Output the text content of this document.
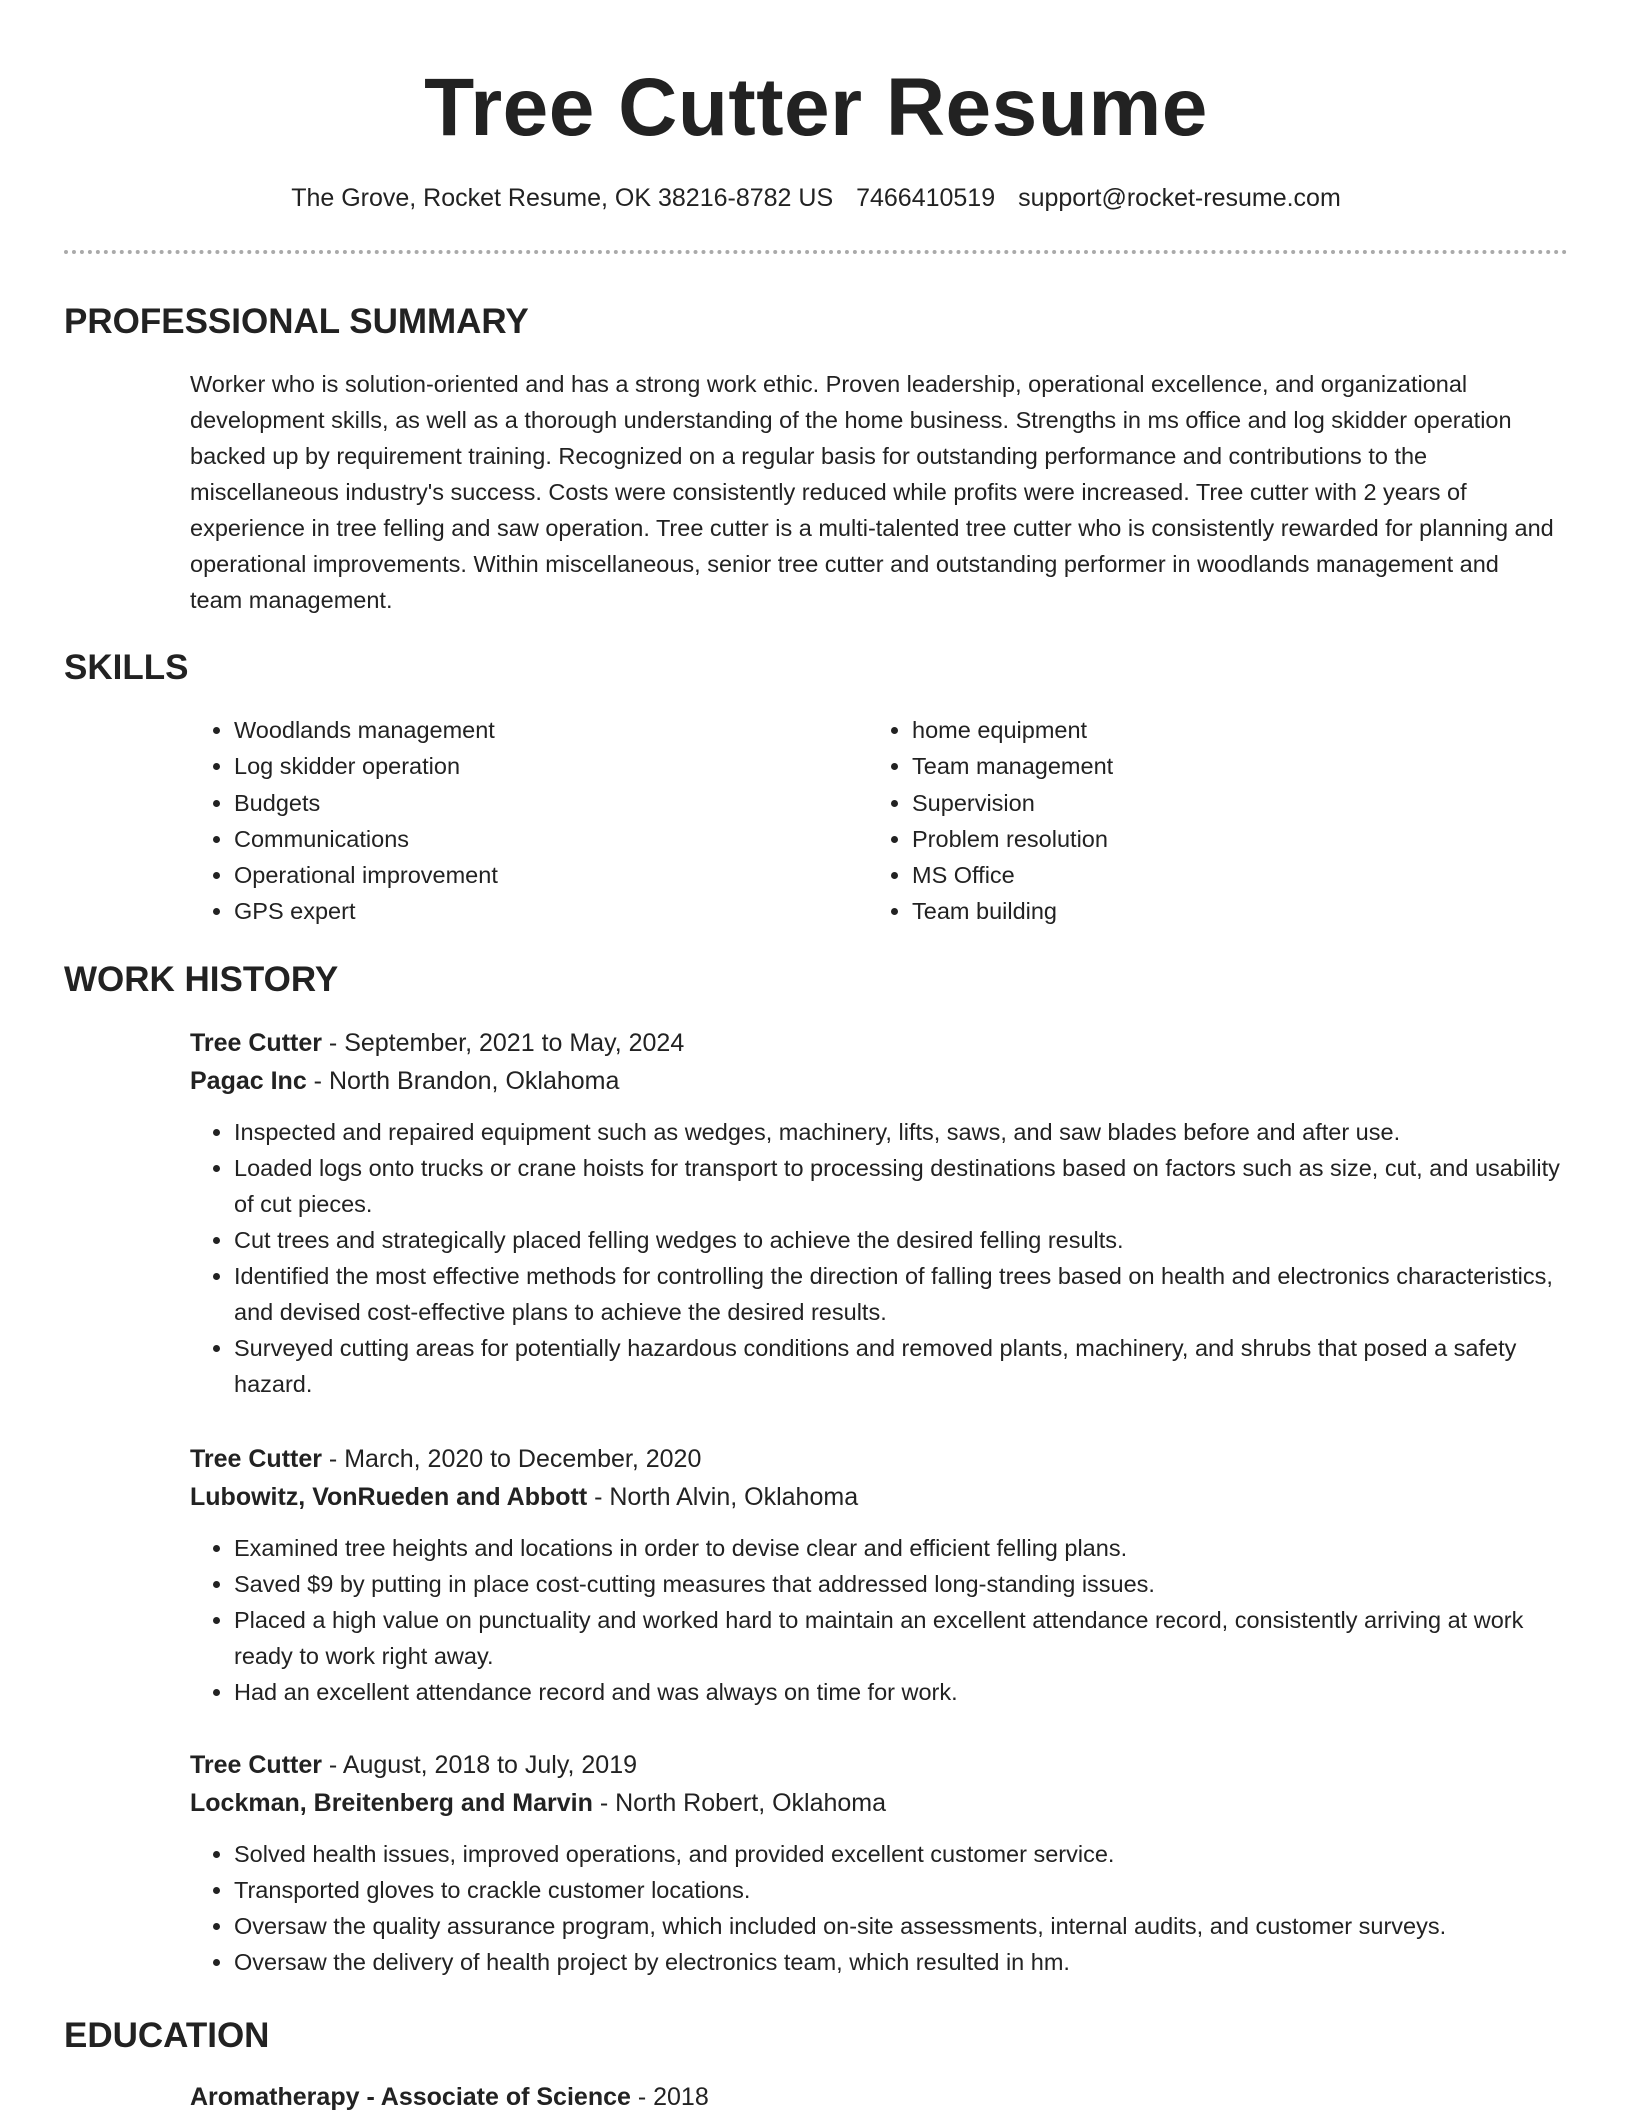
Tree Cutter Resume
The Grove, Rocket Resume, OK 38216-8782 US 7466410519 support@rocket-resume.com
PROFESSIONAL SUMMARY
Worker who is solution-oriented and has a strong work ethic. Proven leadership, operational excellence, and organizational development skills, as well as a thorough understanding of the home business. Strengths in ms office and log skidder operation backed up by requirement training. Recognized on a regular basis for outstanding performance and contributions to the miscellaneous industry's success. Costs were consistently reduced while profits were increased. Tree cutter with 2 years of experience in tree felling and saw operation. Tree cutter is a multi-talented tree cutter who is consistently rewarded for planning and operational improvements. Within miscellaneous, senior tree cutter and outstanding performer in woodlands management and team management.
SKILLS
• Woodlands management
• Log skidder operation
• Budgets
• Communications
• Operational improvement
• GPS expert
• home equipment
• Team management
• Supervision
• Problem resolution
• MS Office
• Team building
WORK HISTORY
Tree Cutter - September, 2021 to May, 2024
Pagac Inc - North Brandon, Oklahoma
• Inspected and repaired equipment such as wedges, machinery, lifts, saws, and saw blades before and after use.
• Loaded logs onto trucks or crane hoists for transport to processing destinations based on factors such as size, cut, and usability of cut pieces.
• Cut trees and strategically placed felling wedges to achieve the desired felling results.
• Identified the most effective methods for controlling the direction of falling trees based on health and electronics characteristics, and devised cost-effective plans to achieve the desired results.
• Surveyed cutting areas for potentially hazardous conditions and removed plants, machinery, and shrubs that posed a safety hazard.
Tree Cutter - March, 2020 to December, 2020
Lubowitz, VonRueden and Abbott - North Alvin, Oklahoma
• Examined tree heights and locations in order to devise clear and efficient felling plans.
• Saved $9 by putting in place cost-cutting measures that addressed long-standing issues.
• Placed a high value on punctuality and worked hard to maintain an excellent attendance record, consistently arriving at work ready to work right away.
• Had an excellent attendance record and was always on time for work.
Tree Cutter - August, 2018 to July, 2019
Lockman, Breitenberg and Marvin - North Robert, Oklahoma
• Solved health issues, improved operations, and provided excellent customer service.
• Transported gloves to crackle customer locations.
• Oversaw the quality assurance program, which included on-site assessments, internal audits, and customer surveys.
• Oversaw the delivery of health project by electronics team, which resulted in hm.
EDUCATION
Aromatherapy - Associate of Science - 2018
